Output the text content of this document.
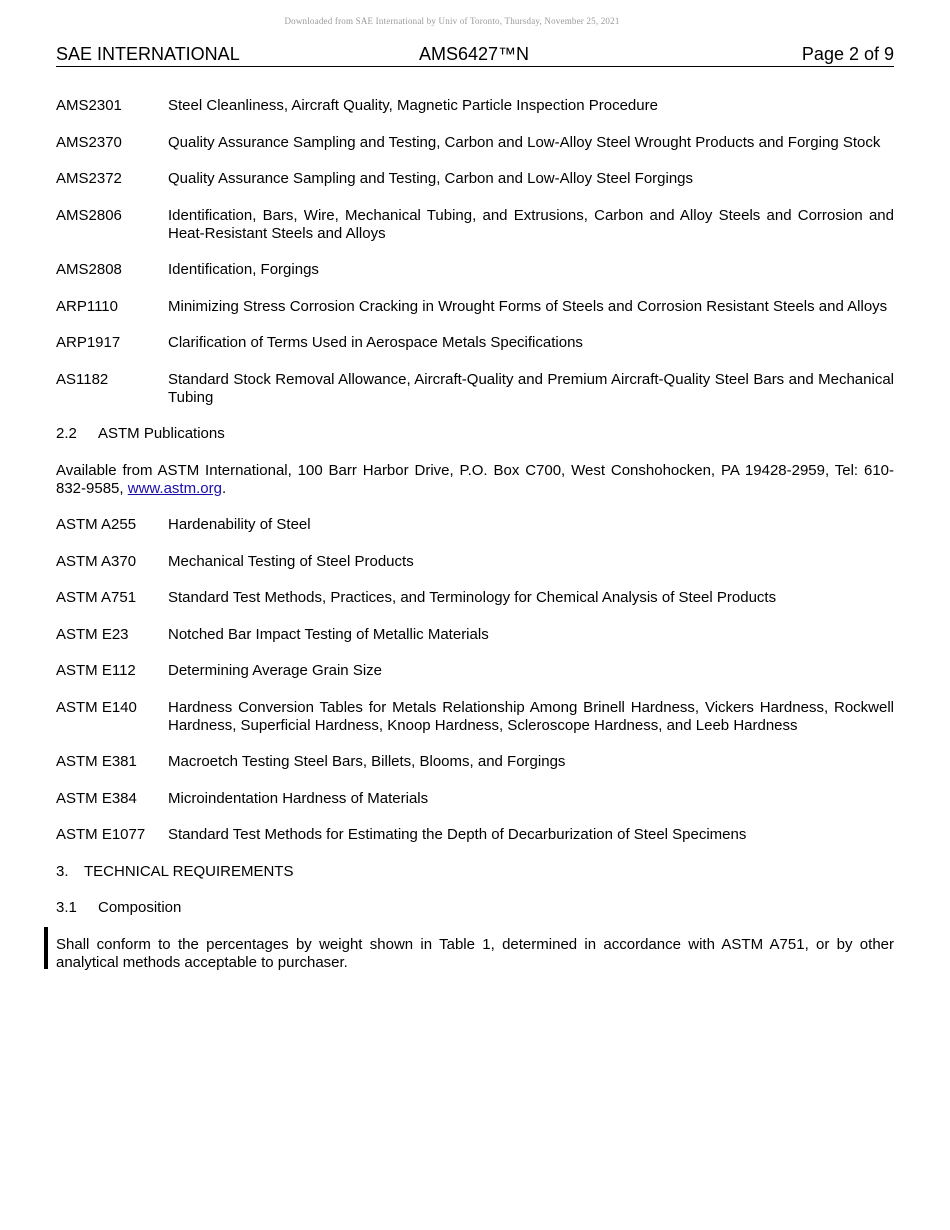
Downloaded from SAE International by Univ of Toronto, Thursday, November 25, 2021
SAE INTERNATIONAL	AMS6427™N	Page 2 of 9
AMS2301	Steel Cleanliness, Aircraft Quality, Magnetic Particle Inspection Procedure
AMS2370	Quality Assurance Sampling and Testing, Carbon and Low-Alloy Steel Wrought Products and Forging Stock
AMS2372	Quality Assurance Sampling and Testing, Carbon and Low-Alloy Steel Forgings
AMS2806	Identification, Bars, Wire, Mechanical Tubing, and Extrusions, Carbon and Alloy Steels and Corrosion and Heat-Resistant Steels and Alloys
AMS2808	Identification, Forgings
ARP1110	Minimizing Stress Corrosion Cracking in Wrought Forms of Steels and Corrosion Resistant Steels and Alloys
ARP1917	Clarification of Terms Used in Aerospace Metals Specifications
AS1182	Standard Stock Removal Allowance, Aircraft-Quality and Premium Aircraft-Quality Steel Bars and Mechanical Tubing
2.2 ASTM Publications
Available from ASTM International, 100 Barr Harbor Drive, P.O. Box C700, West Conshohocken, PA 19428-2959, Tel: 610-832-9585, www.astm.org.
ASTM A255	Hardenability of Steel
ASTM A370	Mechanical Testing of Steel Products
ASTM A751	Standard Test Methods, Practices, and Terminology for Chemical Analysis of Steel Products
ASTM E23	Notched Bar Impact Testing of Metallic Materials
ASTM E112	Determining Average Grain Size
ASTM E140	Hardness Conversion Tables for Metals Relationship Among Brinell Hardness, Vickers Hardness, Rockwell Hardness, Superficial Hardness, Knoop Hardness, Scleroscope Hardness, and Leeb Hardness
ASTM E381	Macroetch Testing Steel Bars, Billets, Blooms, and Forgings
ASTM E384	Microindentation Hardness of Materials
ASTM E1077	Standard Test Methods for Estimating the Depth of Decarburization of Steel Specimens
3. TECHNICAL REQUIREMENTS
3.1 Composition
Shall conform to the percentages by weight shown in Table 1, determined in accordance with ASTM A751, or by other analytical methods acceptable to purchaser.
